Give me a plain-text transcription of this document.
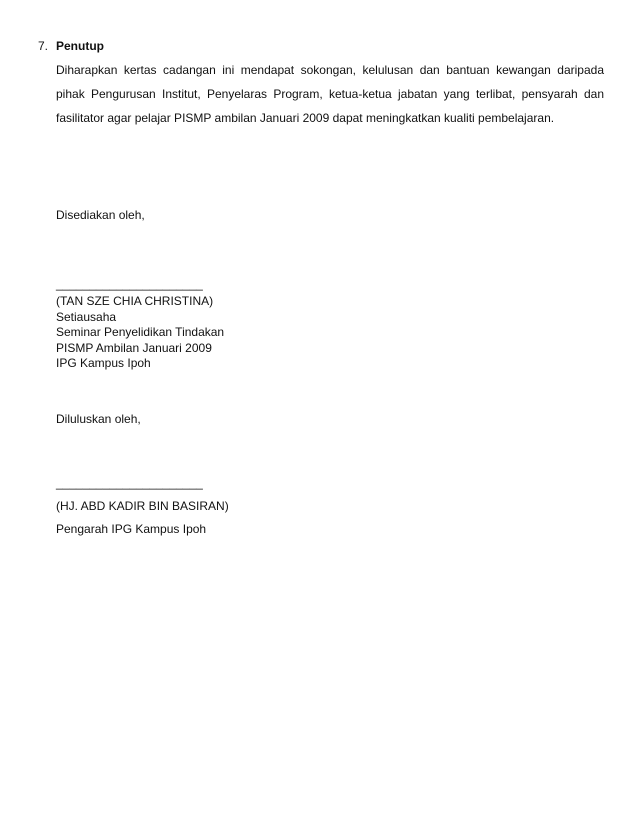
7. Penutup
Diharapkan kertas cadangan ini mendapat sokongan, kelulusan dan bantuan kewangan daripada
pihak Pengurusan Institut, Penyelaras Program, ketua-ketua jabatan yang terlibat, pensyarah dan
fasilitator agar pelajar PISMP ambilan Januari 2009 dapat meningkatkan kualiti pembelajaran.
Disediakan oleh,
______________________
(TAN SZE CHIA CHRISTINA)
Setiausaha
Seminar Penyelidikan Tindakan
PISMP Ambilan Januari 2009
IPG Kampus Ipoh
Diluluskan oleh,
______________________
(HJ. ABD KADIR BIN BASIRAN)
Pengarah IPG Kampus Ipoh
